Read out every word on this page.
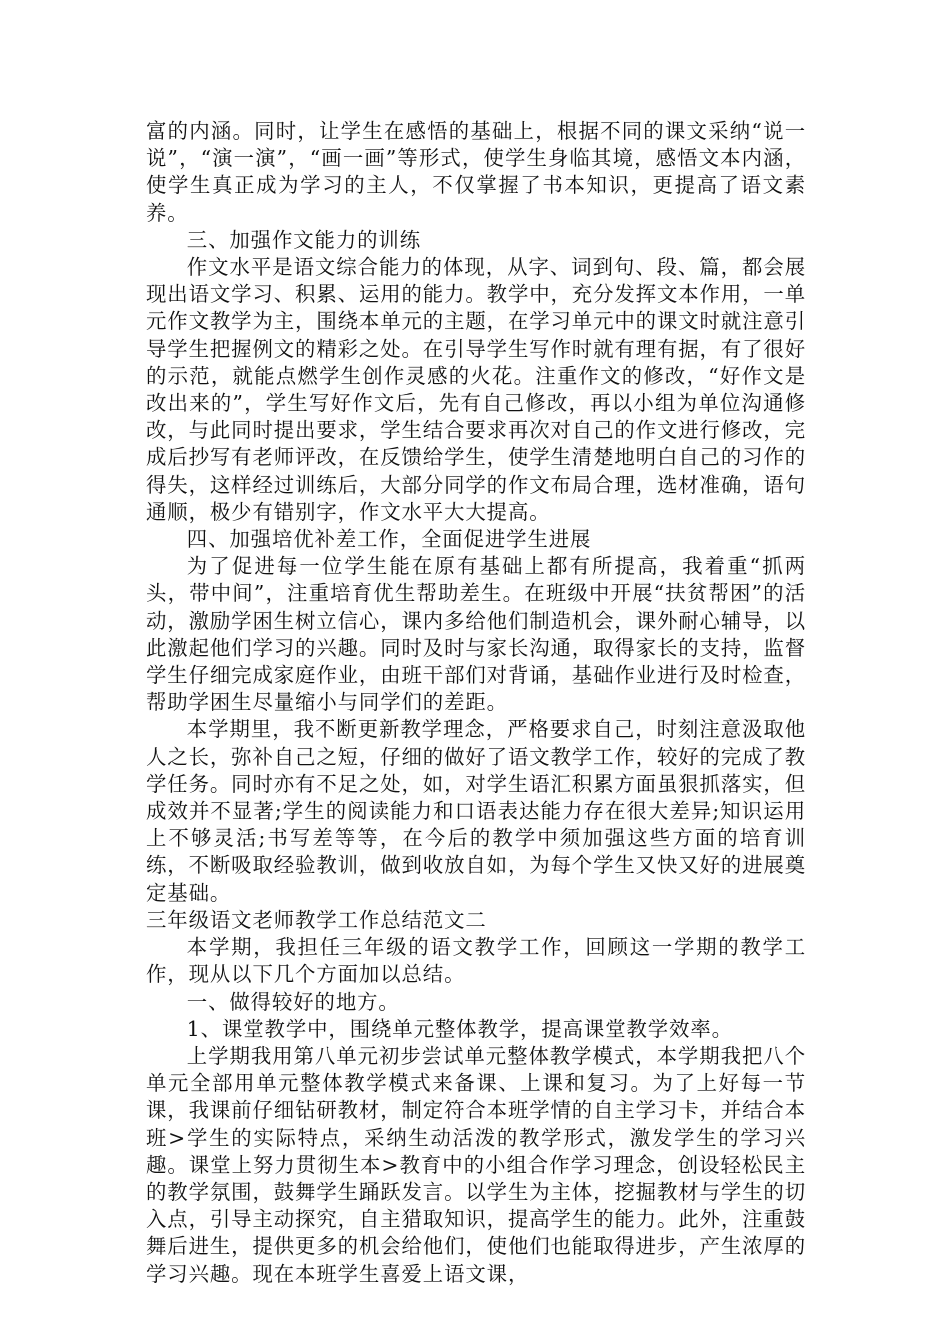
富的内涵。同时，让学生在感悟的基础上，根据不同的课文采纳“说一说”，“演一演”，“画一画”等形式，使学生身临其境，感悟文本内涵，使学生真正成为学习的主人，不仅掌握了书本知识，更提高了语文素养。

三、加强作文能力的训练

作文水平是语文综合能力的体现，从字、词到句、段、篇，都会展现出语文学习、积累、运用的能力。教学中，充分发挥文本作用，一单元作文教学为主，围绕本单元的主题，在学习单元中的课文时就注意引导学生把握例文的精彩之处。在引导学生写作时就有理有据，有了很好的示范，就能点燃学生创作灵感的火花。注重作文的修改，“好作文是改出来的”，学生写好作文后，先有自己修改，再以小组为单位沟通修改，与此同时提出要求，学生结合要求再次对自己的作文进行修改，完成后抄写有老师评改，在反馈给学生，使学生清楚地明白自己的习作的得失，这样经过训练后，大部分同学的作文布局合理，选材准确，语句通顺，极少有错别字，作文水平大大提高。

四、加强培优补差工作，全面促进学生进展

为了促进每一位学生能在原有基础上都有所提高，我着重“抓两头，带中间”，注重培育优生帮助差生。在班级中开展“扶贫帮困”的活动，激励学困生树立信心，课内多给他们制造机会，课外耐心辅导，以此激起他们学习的兴趣。同时及时与家长沟通，取得家长的支持，监督学生仔细完成家庭作业，由班干部们对背诵，基础作业进行及时检查，帮助学困生尽量缩小与同学们的差距。

本学期里，我不断更新教学理念，严格要求自己，时刻注意汲取他人之长，弥补自己之短，仔细的做好了语文教学工作，较好的完成了教学任务。同时亦有不足之处，如，对学生语汇积累方面虽狠抓落实，但成效并不显著;学生的阅读能力和口语表达能力存在很大差异;知识运用上不够灵活;书写差等等，在今后的教学中须加强这些方面的培育训练，不断吸取经验教训，做到收放自如，为每个学生又快又好的进展奠定基础。

三年级语文老师教学工作总结范文二

本学期，我担任三年级的语文教学工作，回顾这一学期的教学工作，现从以下几个方面加以总结。

一、做得较好的地方。

1、课堂教学中，围绕单元整体教学，提高课堂教学效率。

上学期我用第八单元初步尝试单元整体教学模式，本学期我把八个单元全部用单元整体教学模式来备课、上课和复习。为了上好每一节课，我课前仔细钻研教材，制定符合本班学情的自主学习卡，并结合本班>学生的实际特点，采纳生动活泼的教学形式，激发学生的学习兴趣。课堂上努力贯彻生本>教育中的小组合作学习理念，创设轻松民主的教学氛围，鼓舞学生踊跃发言。以学生为主体，挖掘教材与学生的切入点，引导主动探究，自主猎取知识，提高学生的能力。此外，注重鼓舞后进生，提供更多的机会给他们，使他们也能取得进步，产生浓厚的学习兴趣。现在本班学生喜爱上语文课，
